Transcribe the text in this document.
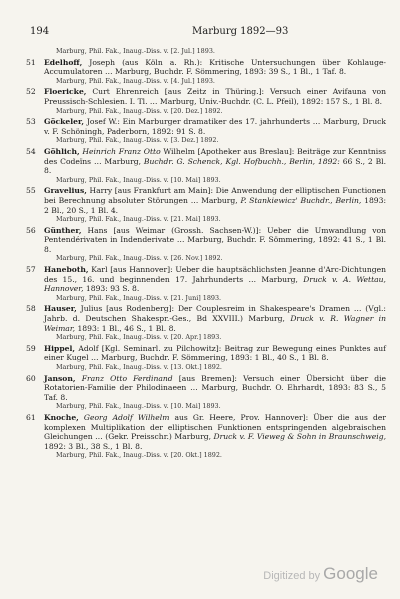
194	Marburg 1892—93
Marburg, Phil. Fak., Inaug.-Diss. v. [2. Jul.] 1893.
51 Edelhoff, Joseph (aus Köln a. Rh.): Kritische Untersuchungen über Kohlauge-Accumulatoren … Marburg, Buchdr. F. Sömmering, 1893: 39 S., 1 Bl., 1 Taf. 8.
Marburg, Phil. Fak., Inaug.-Diss. v. [4. Jul.] 1893.
52 Floericke, Curt Ehrenreich [aus Zeitz in Thüring.]: Versuch einer Avifauna von Preussisch-Schlesien. I. Tl. … Marburg, Univ.-Buchdr. (C. L. Pfeil), 1892: 157 S., 1 Bl. 8.
Marburg, Phil. Fak., Inaug.-Diss. v. [20. Dez.] 1892.
53 Göckeler, Josef W.: Ein Marburger dramatiker des 17. jahrhunderts … Marburg, Druck v. F. Schöningh, Paderborn, 1892: 91 S. 8.
Marburg, Phil. Fak., Inaug.-Diss. v. [3. Dez.] 1892.
54 Göhlich, Heinrich Franz Otto Wilhelm [Apotheker aus Breslau]: Beiträge zur Kenntniss des Codeïns … Marburg, Buchdr. G. Schenck, Kgl. Hofbuchh., Berlin, 1892: 66 S., 2 Bl. 8.
Marburg, Phil. Fak., Inaug.-Diss. v. [10. Mai] 1893.
55 Gravelius, Harry [aus Frankfurt am Main]: Die Anwendung der elliptischen Functionen bei Berechnung absoluter Störungen … Marburg, P. Stankiewicz' Buchdr., Berlin, 1893: 2 Bl., 20 S., 1 Bl. 4.
Marburg, Phil. Fak., Inaug.-Diss. v. [21. Mai] 1893.
56 Günther, Hans [aus Weimar (Grossh. Sachsen-W.)]: Ueber die Umwandlung von Pentendérivaten in Indenderivate … Marburg, Buchdr. F. Sömmering, 1892: 41 S., 1 Bl. 8.
Marburg, Phil. Fak., Inaug.-Diss. v. [26. Nov.] 1892.
57 Haneboth, Karl [aus Hannover]: Ueber die hauptsächlichsten Jeanne d'Arc-Dichtungen des 15., 16. und beginnenden 17. Jahrhunderts … Marburg, Druck v. A. Wettau, Hannover, 1893: 93 S. 8.
Marburg, Phil. Fak., Inaug.-Diss. v. [21. Juni] 1893.
58 Hauser, Julius [aus Rodenberg]: Der Couplesreim in Shakespeare's Dramen … (Vgl.: Jahrb. d. Deutschen Shakespr.-Ges., Bd XXVIII.) Marburg, Druck v. R. Wagner in Weimar, 1893: 1 Bl., 46 S., 1 Bl. 8.
Marburg, Phil. Fak., Inaug.-Diss. v. [20. Apr.] 1893.
59 Hippel, Adolf [Kgl. Seminarl. zu Pilchowitz]: Beitrag zur Bewegung eines Punktes auf einer Kugel … Marburg, Buchdr. F. Sömmering, 1893: 1 Bl., 40 S., 1 Bl. 8.
Marburg, Phil. Fak., Inaug.-Diss. v. [13. Okt.] 1892.
60 Janson, Franz Otto Ferdinand [aus Bremen]: Versuch einer Übersicht über die Rotatorien-Familie der Philodinaeen … Marburg, Buchdr. O. Ehrhardt, 1893: 83 S., 5 Taf. 8.
Marburg, Phil. Fak., Inaug.-Diss. v. [10. Mai] 1893.
61 Knoche, Georg Adolf Wilhelm aus Gr. Heere, Prov. Hannover]: Über die aus der komplexen Multiplikation der elliptischen Funktionen entspringenden algebraischen Gleichungen … (Gekr. Preisschr.) Marburg, Druck v. F. Vieweg & Sohn in Braunschweig, 1892: 3 Bl., 38 S., 1 Bl. 8.
Marburg, Phil. Fak., Inaug.-Diss. v. [20. Okt.] 1892.
Digitized by Google
